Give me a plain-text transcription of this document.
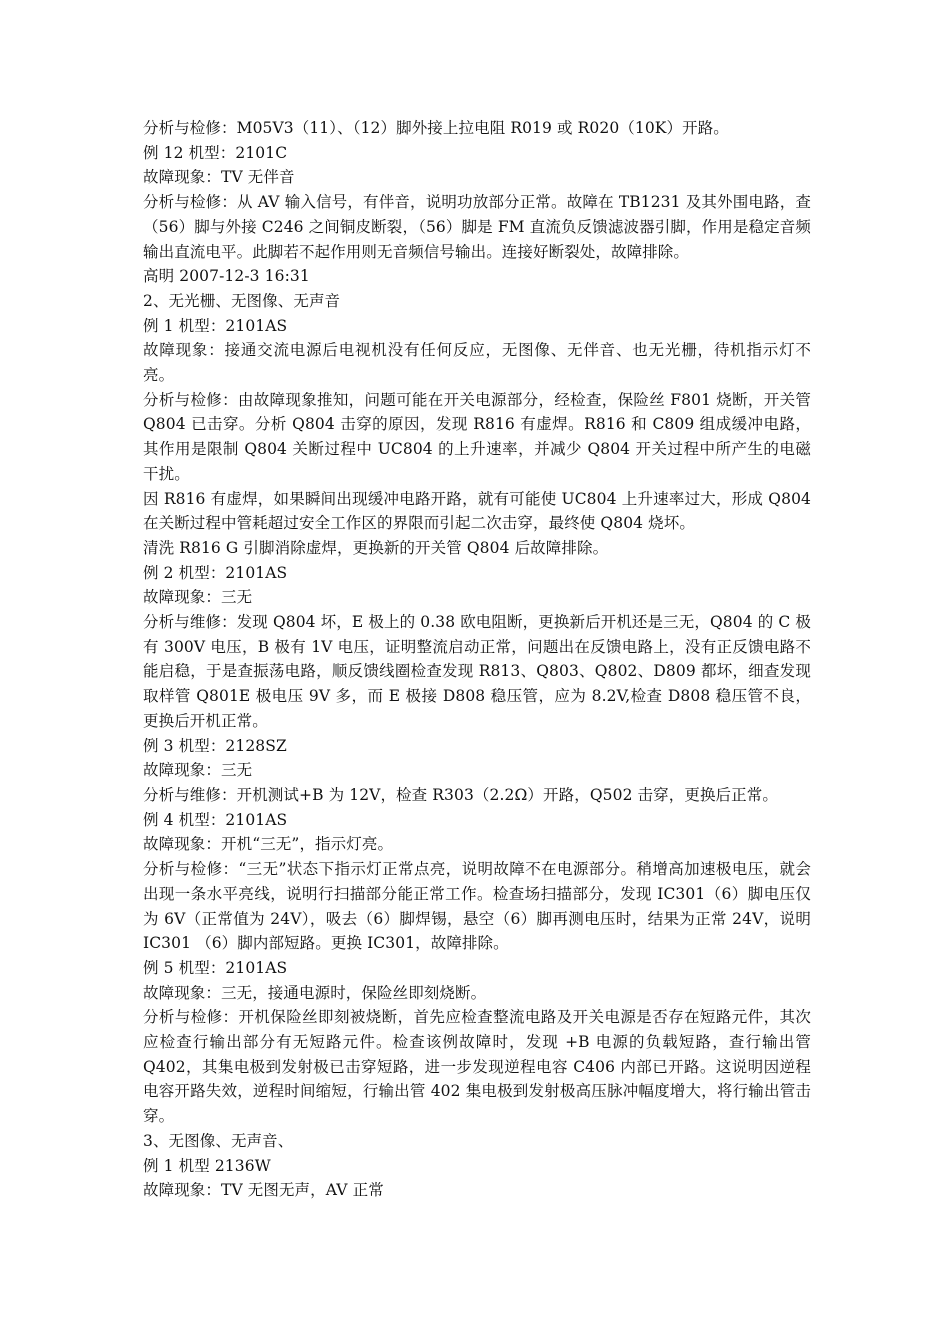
分析与检修：M05V3（11）、（12）脚外接上拉电阻 R019 或 R020（10K）开路。

例 12 机型：2101C

故障现象：TV 无伴音

分析与检修：从 AV 输入信号，有伴音，说明功放部分正常。故障在 TB1231 及其外围电路，查（56）脚与外接 C246 之间铜皮断裂，（56）脚是 FM 直流负反馈滤波器引脚，作用是稳定音频输出直流电平。此脚若不起作用则无音频信号输出。连接好断裂处，故障排除。

高明 2007-12-3 16:31

2、无光栅、无图像、无声音

例 1 机型：2101AS

故障现象：接通交流电源后电视机没有任何反应，无图像、无伴音、也无光栅，待机指示灯不亮。

分析与检修：由故障现象推知，问题可能在开关电源部分，经检查，保险丝 F801 烧断，开关管 Q804 已击穿。分析 Q804 击穿的原因，发现 R816 有虚焊。R816 和 C809 组成缓冲电路，其作用是限制 Q804 关断过程中 UC804 的上升速率，并减少 Q804 开关过程中所产生的电磁干扰。

因 R816 有虚焊，如果瞬间出现缓冲电路开路，就有可能使 UC804 上升速率过大，形成 Q804 在关断过程中管耗超过安全工作区的界限而引起二次击穿，最终使 Q804 烧坏。

清洗 R816 G 引脚消除虚焊，更换新的开关管 Q804 后故障排除。

例 2 机型：2101AS

故障现象：三无

分析与维修：发现 Q804 坏，E 极上的 0.38 欧电阻断，更换新后开机还是三无，Q804 的 C 极有 300V 电压，B 极有 1V 电压，证明整流启动正常，问题出在反馈电路上，没有正反馈电路不能启稳，于是查振荡电路，顺反馈线圈检查发现 R813、Q803、Q802、D809 都坏，细查发现取样管 Q801E 极电压 9V 多，而 E 极接 D808 稳压管，应为 8.2V,检查 D808 稳压管不良，更换后开机正常。

例 3 机型：2128SZ

故障现象：三无

分析与维修：开机测试+B 为 12V，检查 R303（2.2Ω）开路，Q502 击穿，更换后正常。

例 4 机型：2101AS

故障现象：开机“三无”，指示灯亮。

分析与检修：“三无”状态下指示灯正常点亮，说明故障不在电源部分。稍增高加速极电压，就会出现一条水平亮线，说明行扫描部分能正常工作。检查场扫描部分，发现 IC301（6）脚电压仅为 6V（正常值为 24V），吸去（6）脚焊锡，悬空（6）脚再测电压时，结果为正常 24V，说明 IC301 （6）脚内部短路。更换 IC301，故障排除。

例 5 机型：2101AS

故障现象：三无，接通电源时，保险丝即刻烧断。

分析与检修：开机保险丝即刻被烧断，首先应检查整流电路及开关电源是否存在短路元件，其次应检查行输出部分有无短路元件。检查该例故障时，发现 +B 电源的负载短路，查行输出管 Q402，其集电极到发射极已击穿短路，进一步发现逆程电容 C406 内部已开路。这说明因逆程电容开路失效，逆程时间缩短，行输出管 402 集电极到发射极高压脉冲幅度增大，将行输出管击穿。

3、无图像、无声音、

例 1 机型 2136W

故障现象：TV 无图无声，AV 正常
